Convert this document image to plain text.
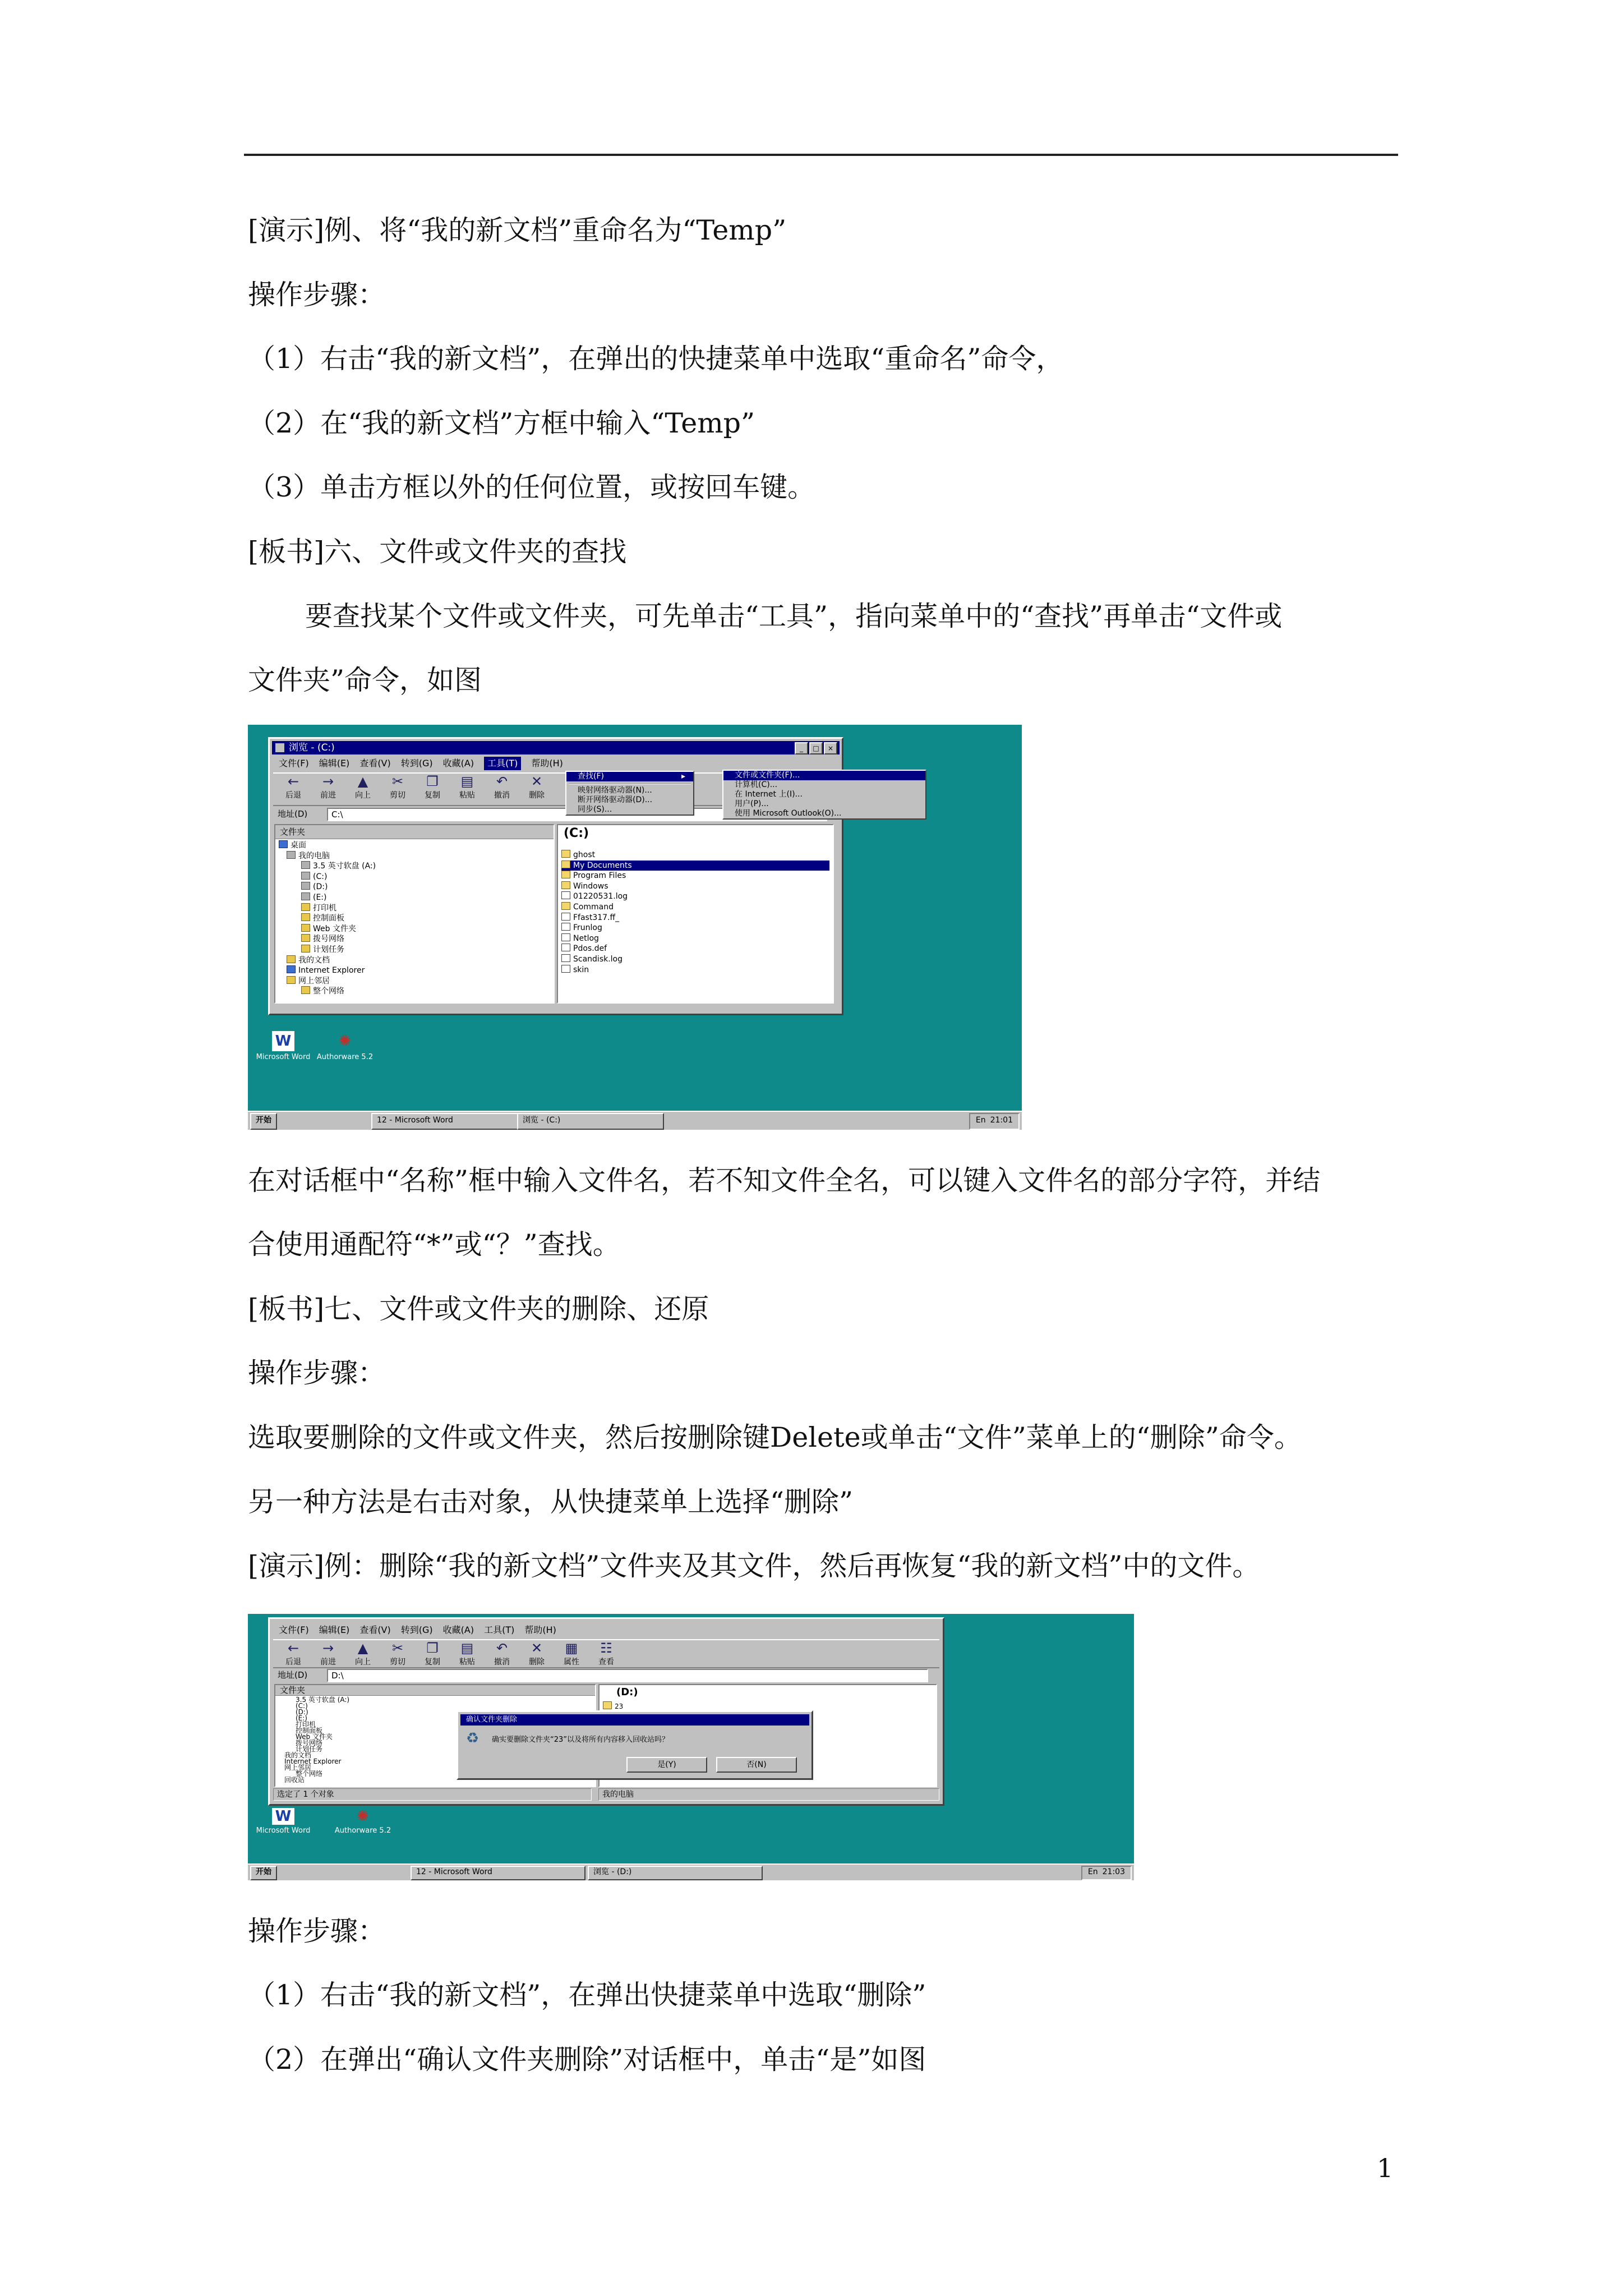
[演示]例、将“我的新文档”重命名为“Temp”

操作步骤：

（1）右击“我的新文档”，在弹出的快捷菜单中选取“重命名”命令，

（2）在“我的新文档”方框中输入“Temp”

（3）单击方框以外的任何位置，或按回车键。

[板书]六、文件或文件夹的查找

要查找某个文件或文件夹，可先单击“工具”，指向菜单中的“查找”再单击“文件或

文件夹”命令，如图

浏览 - (C:)	_	□	×
文件(F) 编辑(E) 查看(V) 转到(G) 收藏(A)	工具(T)	帮助(H)
←
后退
→
前进
▲
向上
✂
剪切
❐
复制
▤
粘贴
↶
撤消
✕
删除
地址(D)	C:\
文件夹
桌面
我的电脑
3.5 英寸软盘 (A:)
(C:)
(D:)
(E:)
打印机
控制面板
Web 文件夹
拨号网络
计划任务
我的文档
Internet Explorer
网上邻居
整个网络
(C:)
ghost
My Documents
Program Files
Windows
01220531.log
Command
Ffast317.ff_
Frunlog
Netlog
Pdos.def
Scandisk.log
skin
查找(F)	▸
映射网络驱动器(N)...
断开网络驱动器(D)...
同步(S)...
文件或文件夹(F)...
计算机(C)...
在 Internet 上(I)...
用户(P)...
使用 Microsoft Outlook(O)...
W
Microsoft Word
✺
Authorware 5.2
开始	12 - Microsoft Word	浏览 - (C:)	En 21:01

在对话框中“名称”框中输入文件名，若不知文件全名，可以键入文件名的部分字符，并结

合使用通配符“*”或“？”查找。

[板书]七、文件或文件夹的删除、还原

操作步骤：

选取要删除的文件或文件夹，然后按删除键Delete或单击“文件”菜单上的“删除”命令。

另一种方法是右击对象，从快捷菜单上选择“删除”

[演示]例：删除“我的新文档”文件夹及其文件，然后再恢复“我的新文档”中的文件。

文件(F) 编辑(E) 查看(V) 转到(G) 收藏(A) 工具(T) 帮助(H)
←
后退
→
前进
▲
向上
✂
剪切
❐
复制
▤
粘贴
↶
撤消
✕
删除
▦
属性
☷
查看
地址(D)	D:\
文件夹
3.5 英寸软盘 (A:)
(C:)
(D:)
(E:)
打印机
控制面板
Web 文件夹
拨号网络
计划任务
我的文档
Internet Explorer
网上邻居
整个网络
回收站
(D:)
23
选定了 1 个对象	我的电脑
确认文件夹删除
♻ 确实要删除文件夹“23”以及将所有内容移入回收站吗？
是(Y)	否(N)
W
Microsoft Word
✺
Authorware 5.2
开始	12 - Microsoft Word	浏览 - (D:)	En 21:03

操作步骤：

（1）右击“我的新文档”，在弹出快捷菜单中选取“删除”

（2）在弹出“确认文件夹删除”对话框中，单击“是”如图

1
